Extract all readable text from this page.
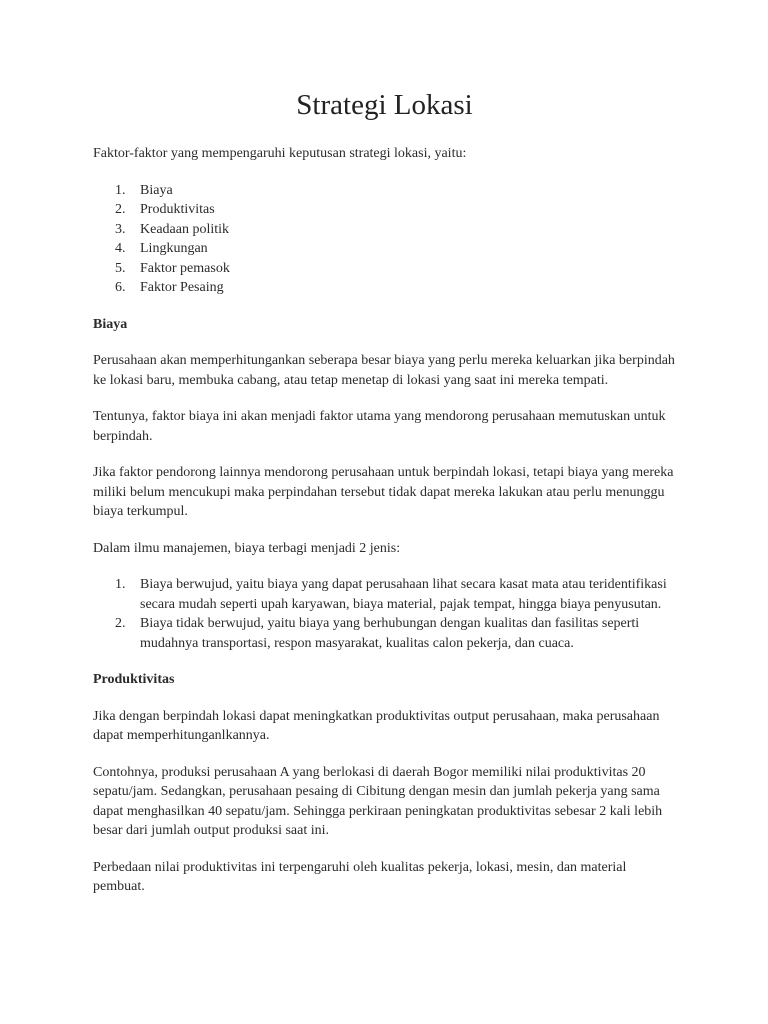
Strategi Lokasi

Faktor-faktor yang mempengaruhi keputusan strategi lokasi, yaitu:

1. Biaya
2. Produktivitas
3. Keadaan politik
4. Lingkungan
5. Faktor pemasok
6. Faktor Pesaing
Biaya

Perusahaan akan memperhitungankan seberapa besar biaya yang perlu mereka keluarkan jika berpindah ke lokasi baru, membuka cabang, atau tetap menetap di lokasi yang saat ini mereka tempati.

Tentunya, faktor biaya ini akan menjadi faktor utama yang mendorong perusahaan memutuskan untuk berpindah.

Jika faktor pendorong lainnya mendorong perusahaan untuk berpindah lokasi, tetapi biaya yang mereka miliki belum mencukupi maka perpindahan tersebut tidak dapat mereka lakukan atau perlu menunggu biaya terkumpul.

Dalam ilmu manajemen, biaya terbagi menjadi 2 jenis:

1. Biaya berwujud, yaitu biaya yang dapat perusahaan lihat secara kasat mata atau teridentifikasi secara mudah seperti upah karyawan, biaya material, pajak tempat, hingga biaya penyusutan.
2. Biaya tidak berwujud, yaitu biaya yang berhubungan dengan kualitas dan fasilitas seperti mudahnya transportasi, respon masyarakat, kualitas calon pekerja, dan cuaca.
Produktivitas

Jika dengan berpindah lokasi dapat meningkatkan produktivitas output perusahaan, maka perusahaan dapat memperhitunganl​kannya.

Contohnya, produksi perusahaan A yang berlokasi di daerah Bogor memiliki nilai produktivitas 20 sepatu/jam. Sedangkan, perusahaan pesaing di Cibitung dengan mesin dan jumlah pekerja yang sama dapat menghasilkan 40 sepatu/jam. Sehingga perkiraan peningkatan produktivitas sebesar 2 kali lebih besar dari jumlah output produksi saat ini.

Perbedaan nilai produktivitas ini terpengaruhi oleh kualitas pekerja, lokasi, mesin, dan material pembuat.
